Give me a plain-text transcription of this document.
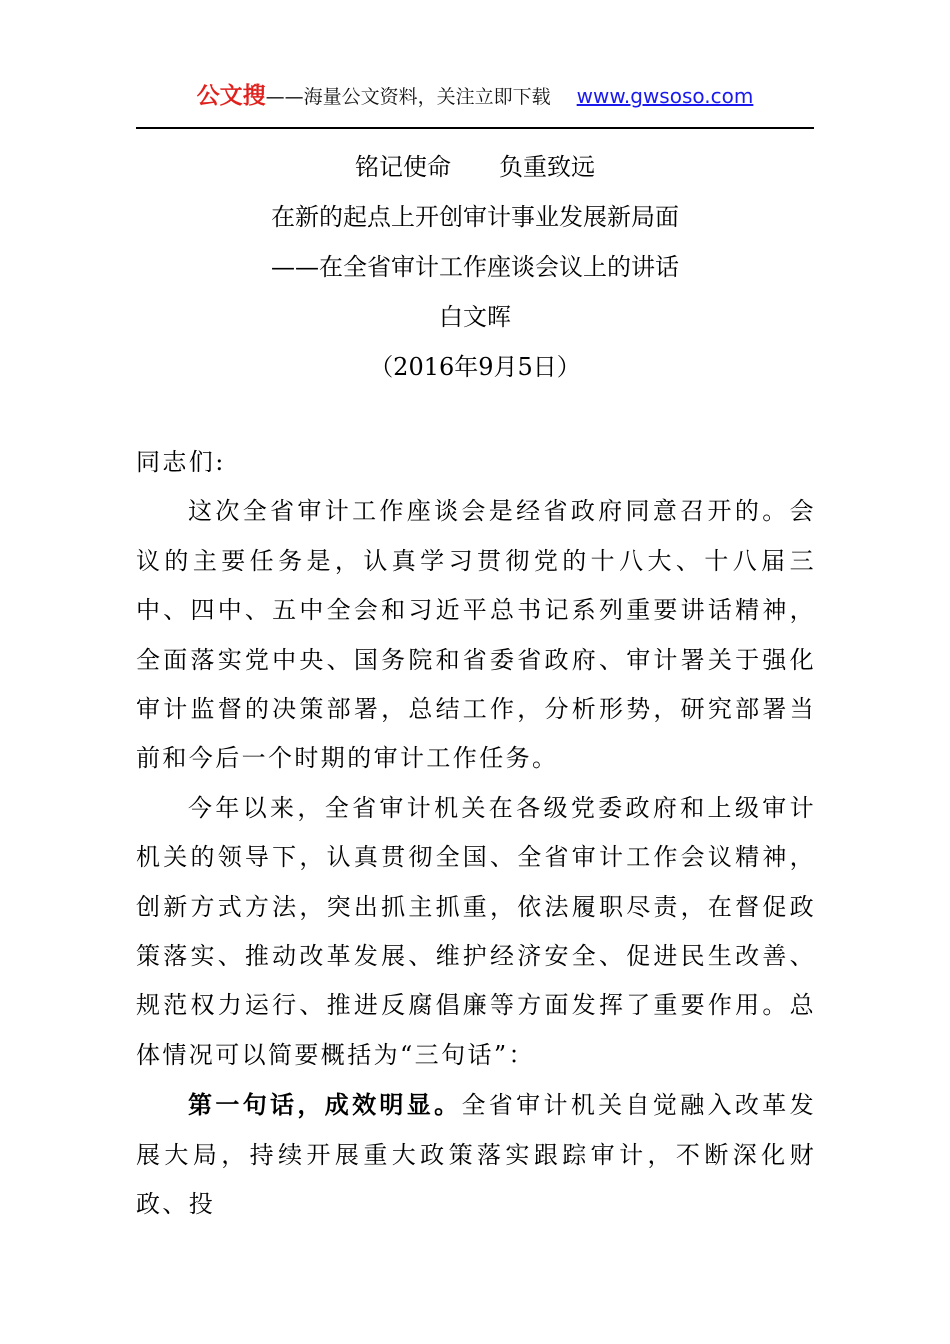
公文搜——海量公文资料，关注立即下载 www.gwsoso.com
铭记使命　　负重致远
在新的起点上开创审计事业发展新局面
——在全省审计工作座谈会议上的讲话
白文晖
（2016年9月5日）

同志们:

这次全省审计工作座谈会是经省政府同意召开的。会议的主要任务是，认真学习贯彻党的十八大、十八届三中、四中、五中全会和习近平总书记系列重要讲话精神，全面落实党中央、国务院和省委省政府、审计署关于强化审计监督的决策部署，总结工作，分析形势，研究部署当前和今后一个时期的审计工作任务。

今年以来，全省审计机关在各级党委政府和上级审计机关的领导下，认真贯彻全国、全省审计工作会议精神，创新方式方法，突出抓主抓重，依法履职尽责，在督促政策落实、推动改革发展、维护经济安全、促进民生改善、规范权力运行、推进反腐倡廉等方面发挥了重要作用。总体情况可以简要概括为“三句话”：

第一句话，成效明显。全省审计机关自觉融入改革发展大局，持续开展重大政策落实跟踪审计，不断深化财政、投
